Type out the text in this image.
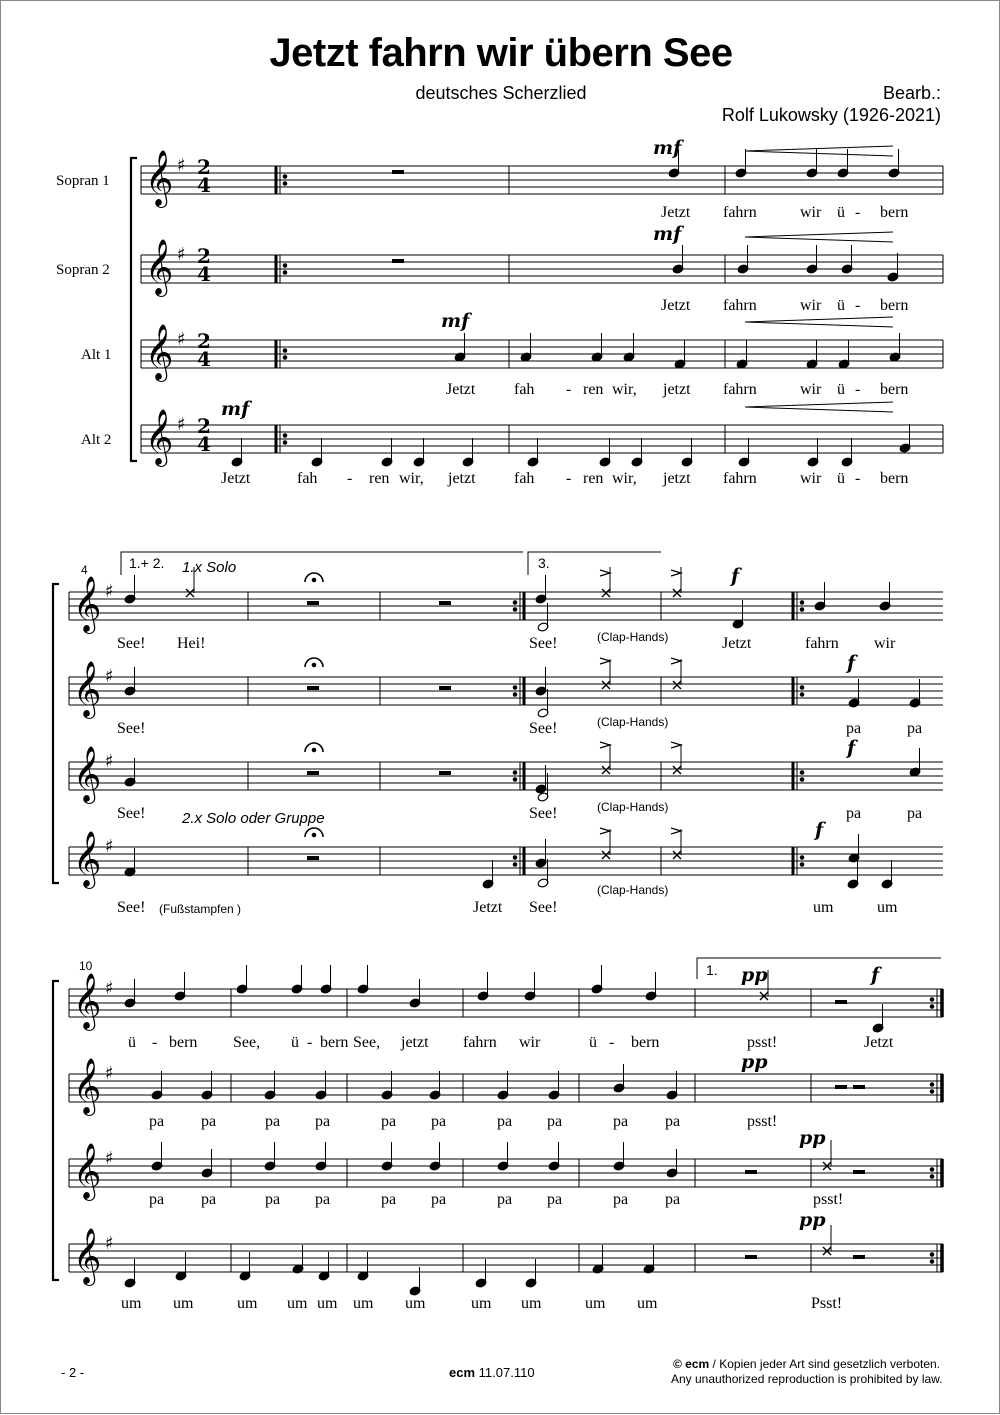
Jetzt fahrn wir übern See
deutsches Scherzlied	Bearb.:
Rolf Lukowsky (1926-2021)
Sopran 1
Sopran 2
Alt 1
Alt 2
2
4
2
4
2
4
2
4
𝄞 ♯
𝄞 ♯
𝄞 ♯
𝄞 ♯
𝄞 ♯
𝄞 ♯
𝄞 ♯
𝄞 ♯
𝄞 ♯
𝄞 ♯
𝄞 ♯
𝄞 ♯
4
10
1.+ 2.	3.
1.
1.x Solo
2.x Solo oder Gruppe
(Clap-Hands)
(Clap-Hands)
(Clap-Hands)
(Clap-Hands)
(Fußstampfen )
mf
mf
mf
mf
f
f
f
f
pp	f
pp
pp
pp
Jetzt fahrn	wir ü - bern
Jetzt fahrn	wir ü - bern
Jetzt fah - ren wir, jetzt fahrn	wir ü - bern
Jetzt	fah - ren wir, jetzt fah - ren wir, jetzt fahrn	wir ü - bern
See! Hei!	See!	Jetzt	fahrn wir
See!	See!	pa	pa
See!	See!	pa	pa
See!	Jetzt See!	um	um
ü - bern See, ü - bern See, jetzt fahrn wir	ü - bern	psst!	Jetzt
pa pa	pa pa	pa pa	pa pa	pa pa	psst!
pa pa	pa pa	pa pa	pa pa	pa pa	psst!
um um	um um um um um	um um	um um	Psst!
- 2 -	ecm 11.07.110
© ecm / Kopien jeder Art sind gesetzlich verboten.
Any unauthorized reproduction is prohibited by law.
